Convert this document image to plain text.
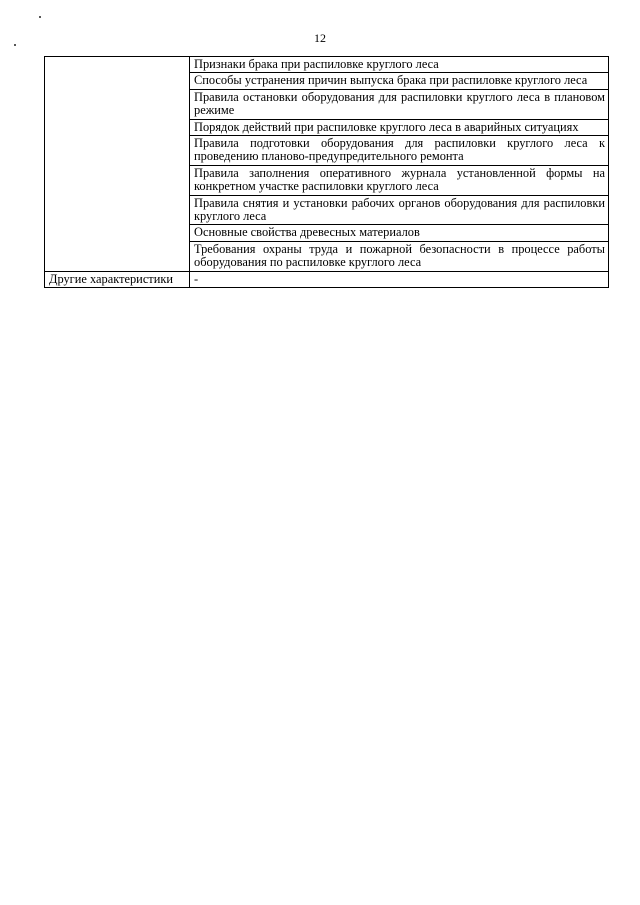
12
	Признаки брака при распиловке круглого леса
	Способы устранения причин выпуска брака при распиловке круглого леса
	Правила остановки оборудования для распиловки круглого леса в плановом режиме
	Порядок действий при распиловке круглого леса в аварийных ситуациях
	Правила подготовки оборудования для распиловки круглого леса к проведению планово-предупредительного ремонта
	Правила заполнения оперативного журнала установленной формы на конкретном участке распиловки круглого леса
	Правила снятия и установки рабочих органов оборудования для распиловки круглого леса
	Основные свойства древесных материалов
	Требования охраны труда и пожарной безопасности в процессе работы оборудования по распиловке круглого леса
Другие характеристики	-
